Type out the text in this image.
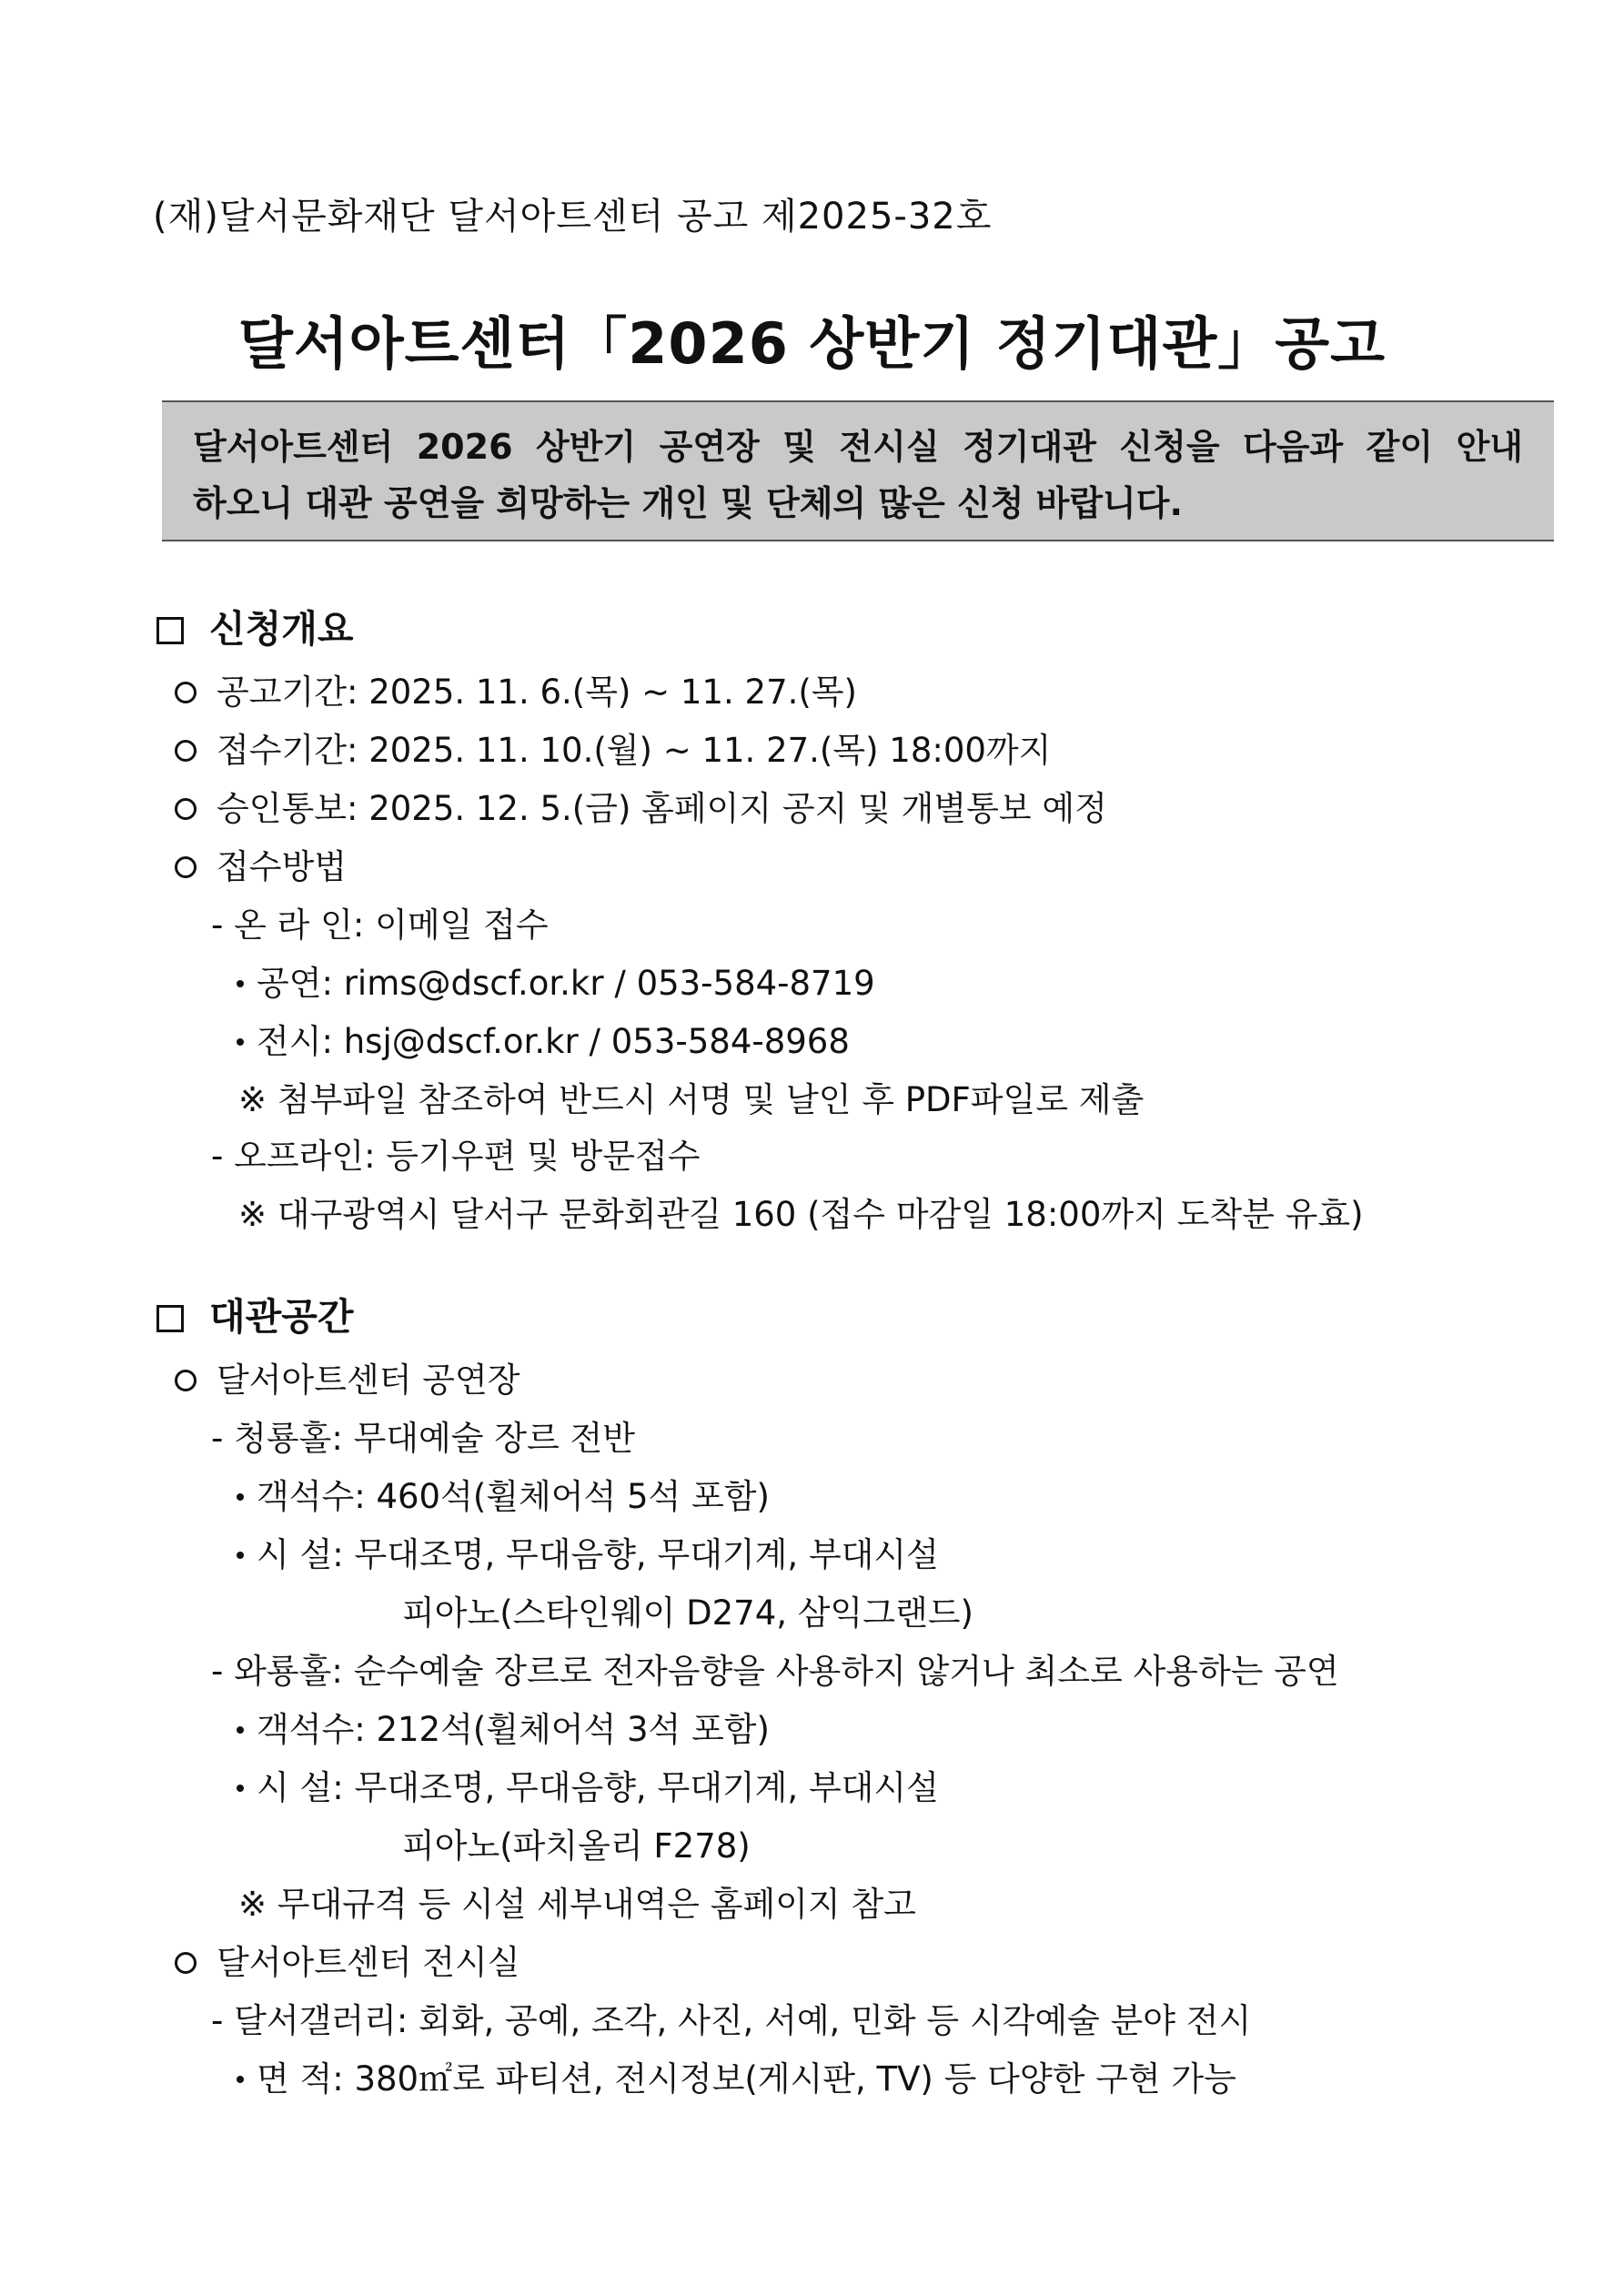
(재)달서문화재단 달서아트센터 공고 제2025-32호
달서아트센터「2026 상반기 정기대관」공고
달서아트센터 2026 상반기 공연장 및 전시실 정기대관 신청을 다음과 같이 안내
하오니 대관 공연을 희망하는 개인 및 단체의 많은 신청 바랍니다.
신청개요
공고기간: 2025. 11. 6.(목) ~ 11. 27.(목)
접수기간: 2025. 11. 10.(월) ~ 11. 27.(목) 18:00까지
승인통보: 2025. 12. 5.(금) 홈페이지 공지 및 개별통보 예정
접수방법
- 온 라 인: 이메일 접수
공연: rims@dscf.or.kr / 053-584-8719
전시: hsj@dscf.or.kr / 053-584-8968
※ 첨부파일 참조하여 반드시 서명 및 날인 후 PDF파일로 제출
- 오프라인: 등기우편 및 방문접수
※ 대구광역시 달서구 문화회관길 160 (접수 마감일 18:00까지 도착분 유효)
대관공간
달서아트센터 공연장
- 청룡홀: 무대예술 장르 전반
객석수: 460석(휠체어석 5석 포함)
시 설: 무대조명, 무대음향, 무대기계, 부대시설
피아노(스타인웨이 D274, 삼익그랜드)
- 와룡홀: 순수예술 장르로 전자음향을 사용하지 않거나 최소로 사용하는 공연
객석수: 212석(휠체어석 3석 포함)
시 설: 무대조명, 무대음향, 무대기계, 부대시설
피아노(파치올리 F278)
※ 무대규격 등 시설 세부내역은 홈페이지 참고
달서아트센터 전시실
- 달서갤러리: 회화, 공예, 조각, 사진, 서예, 민화 등 시각예술 분야 전시
면 적: 380㎡로 파티션, 전시정보(게시판, TV) 등 다양한 구현 가능
